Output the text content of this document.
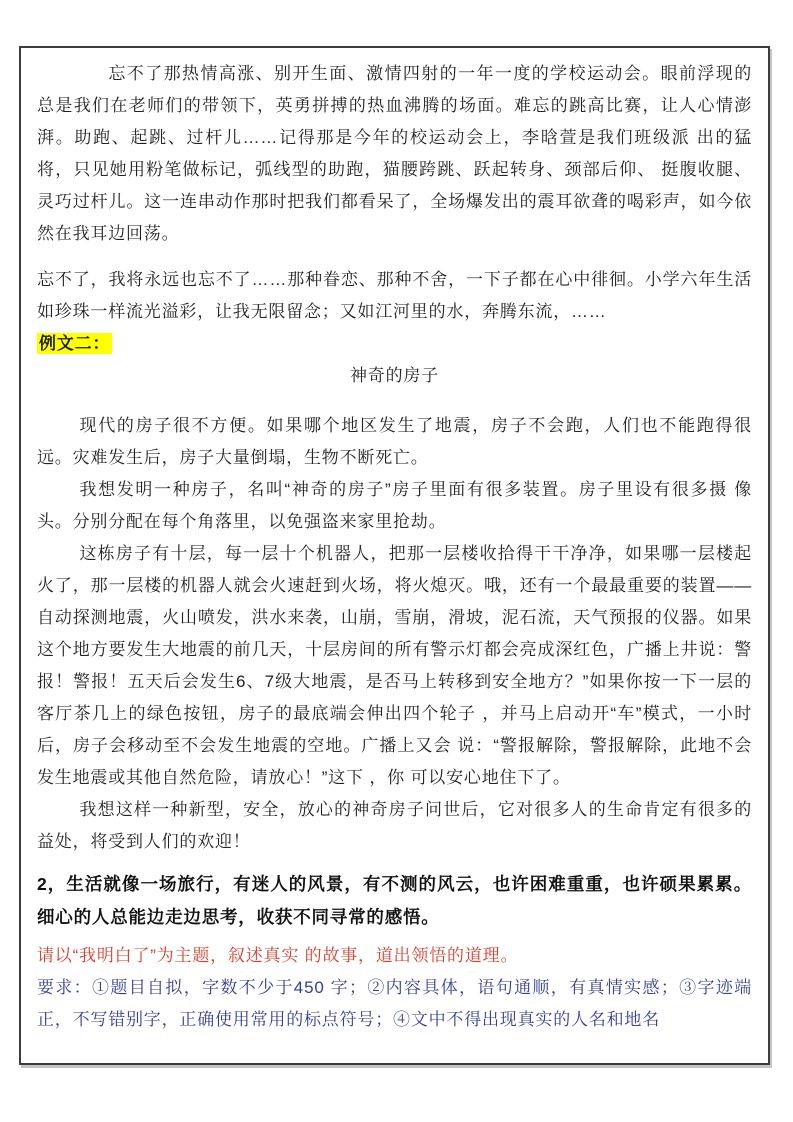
忘不了那热情高涨、别开生面、激情四射的一年一度的学校运动会。眼前浮现的 总是我们在老师们的带领下，英勇拼搏的热血沸腾的场面。难忘的跳高比赛，让人心情澎湃。助跑、起跳、过杆儿……记得那是今年的校运动会上，李晗萱是我们班级派 出的猛将，只见她用粉笔做标记，弧线型的助跑，猫腰跨跳、跃起转身、颈部后仰、 挺腹收腿、灵巧过杆儿。这一连串动作那时把我们都看呆了，全场爆发出的震耳欲聋的喝彩声，如今依然在我耳边回荡。

忘不了，我将永远也忘不了……那种眷恋、那种不舍，一下子都在心中徘徊。小学六年生活如珍珠一样流光溢彩，让我无限留念；又如江河里的水，奔腾东流，……

例文二：

神奇的房子

现代的房子很不方便。如果哪个地区发生了地震，房子不会跑，人们也不能跑得很远。灾难发生后，房子大量倒塌，生物不断死亡。

我想发明一种房子，名叫“神奇的房子”房子里面有很多装置。房子里设有很多摄 像头。分别分配在每个角落里，以免强盗来家里抢劫。

这栋房子有十层，每一层十个机器人，把那一层楼收拾得干干净净，如果哪一层楼起火了，那一层楼的机器人就会火速赶到火场，将火熄灭。哦，还有一个最最重要的装置——自动探测地震，火山喷发，洪水来袭，山崩，雪崩，滑坡，泥石流，天气预报的仪器。如果这个地方要发生大地震的前几天，十层房间的所有警示灯都会亮成深红色，广播上井说：警报！警报！五天后会发生6、7级大地震，是否马上转移到安全地方？”如果你按一下一层的客厅茶几上的绿色按钮，房子的最底端会伸出四个轮子 ，并马上启动开“车”模式，一小时后，房子会移动至不会发生地震的空地。广播上又会 说：“警报解除，警报解除，此地不会发生地震或其他自然危险，请放心！”这下 ，你 可以安心地住下了。

我想这样一种新型，安全，放心的神奇房子问世后，它对很多人的生命肯定有很多的益处，将受到人们的欢迎！

2，生活就像一场旅行，有迷人的风景，有不测的风云，也许困难重重，也许硕果累累。细心的人总能边走边思考，收获不同寻常的感悟。

请以“我明白了”为主题，叙述真实 的故事，道出领悟的道理。

要求：①题目自拟，字数不少于450 字；②内容具体，语句通顺，有真情实感；③字迹端正，不写错别字，正确使用常用的标点符号；④文中不得出现真实的人名和地名
